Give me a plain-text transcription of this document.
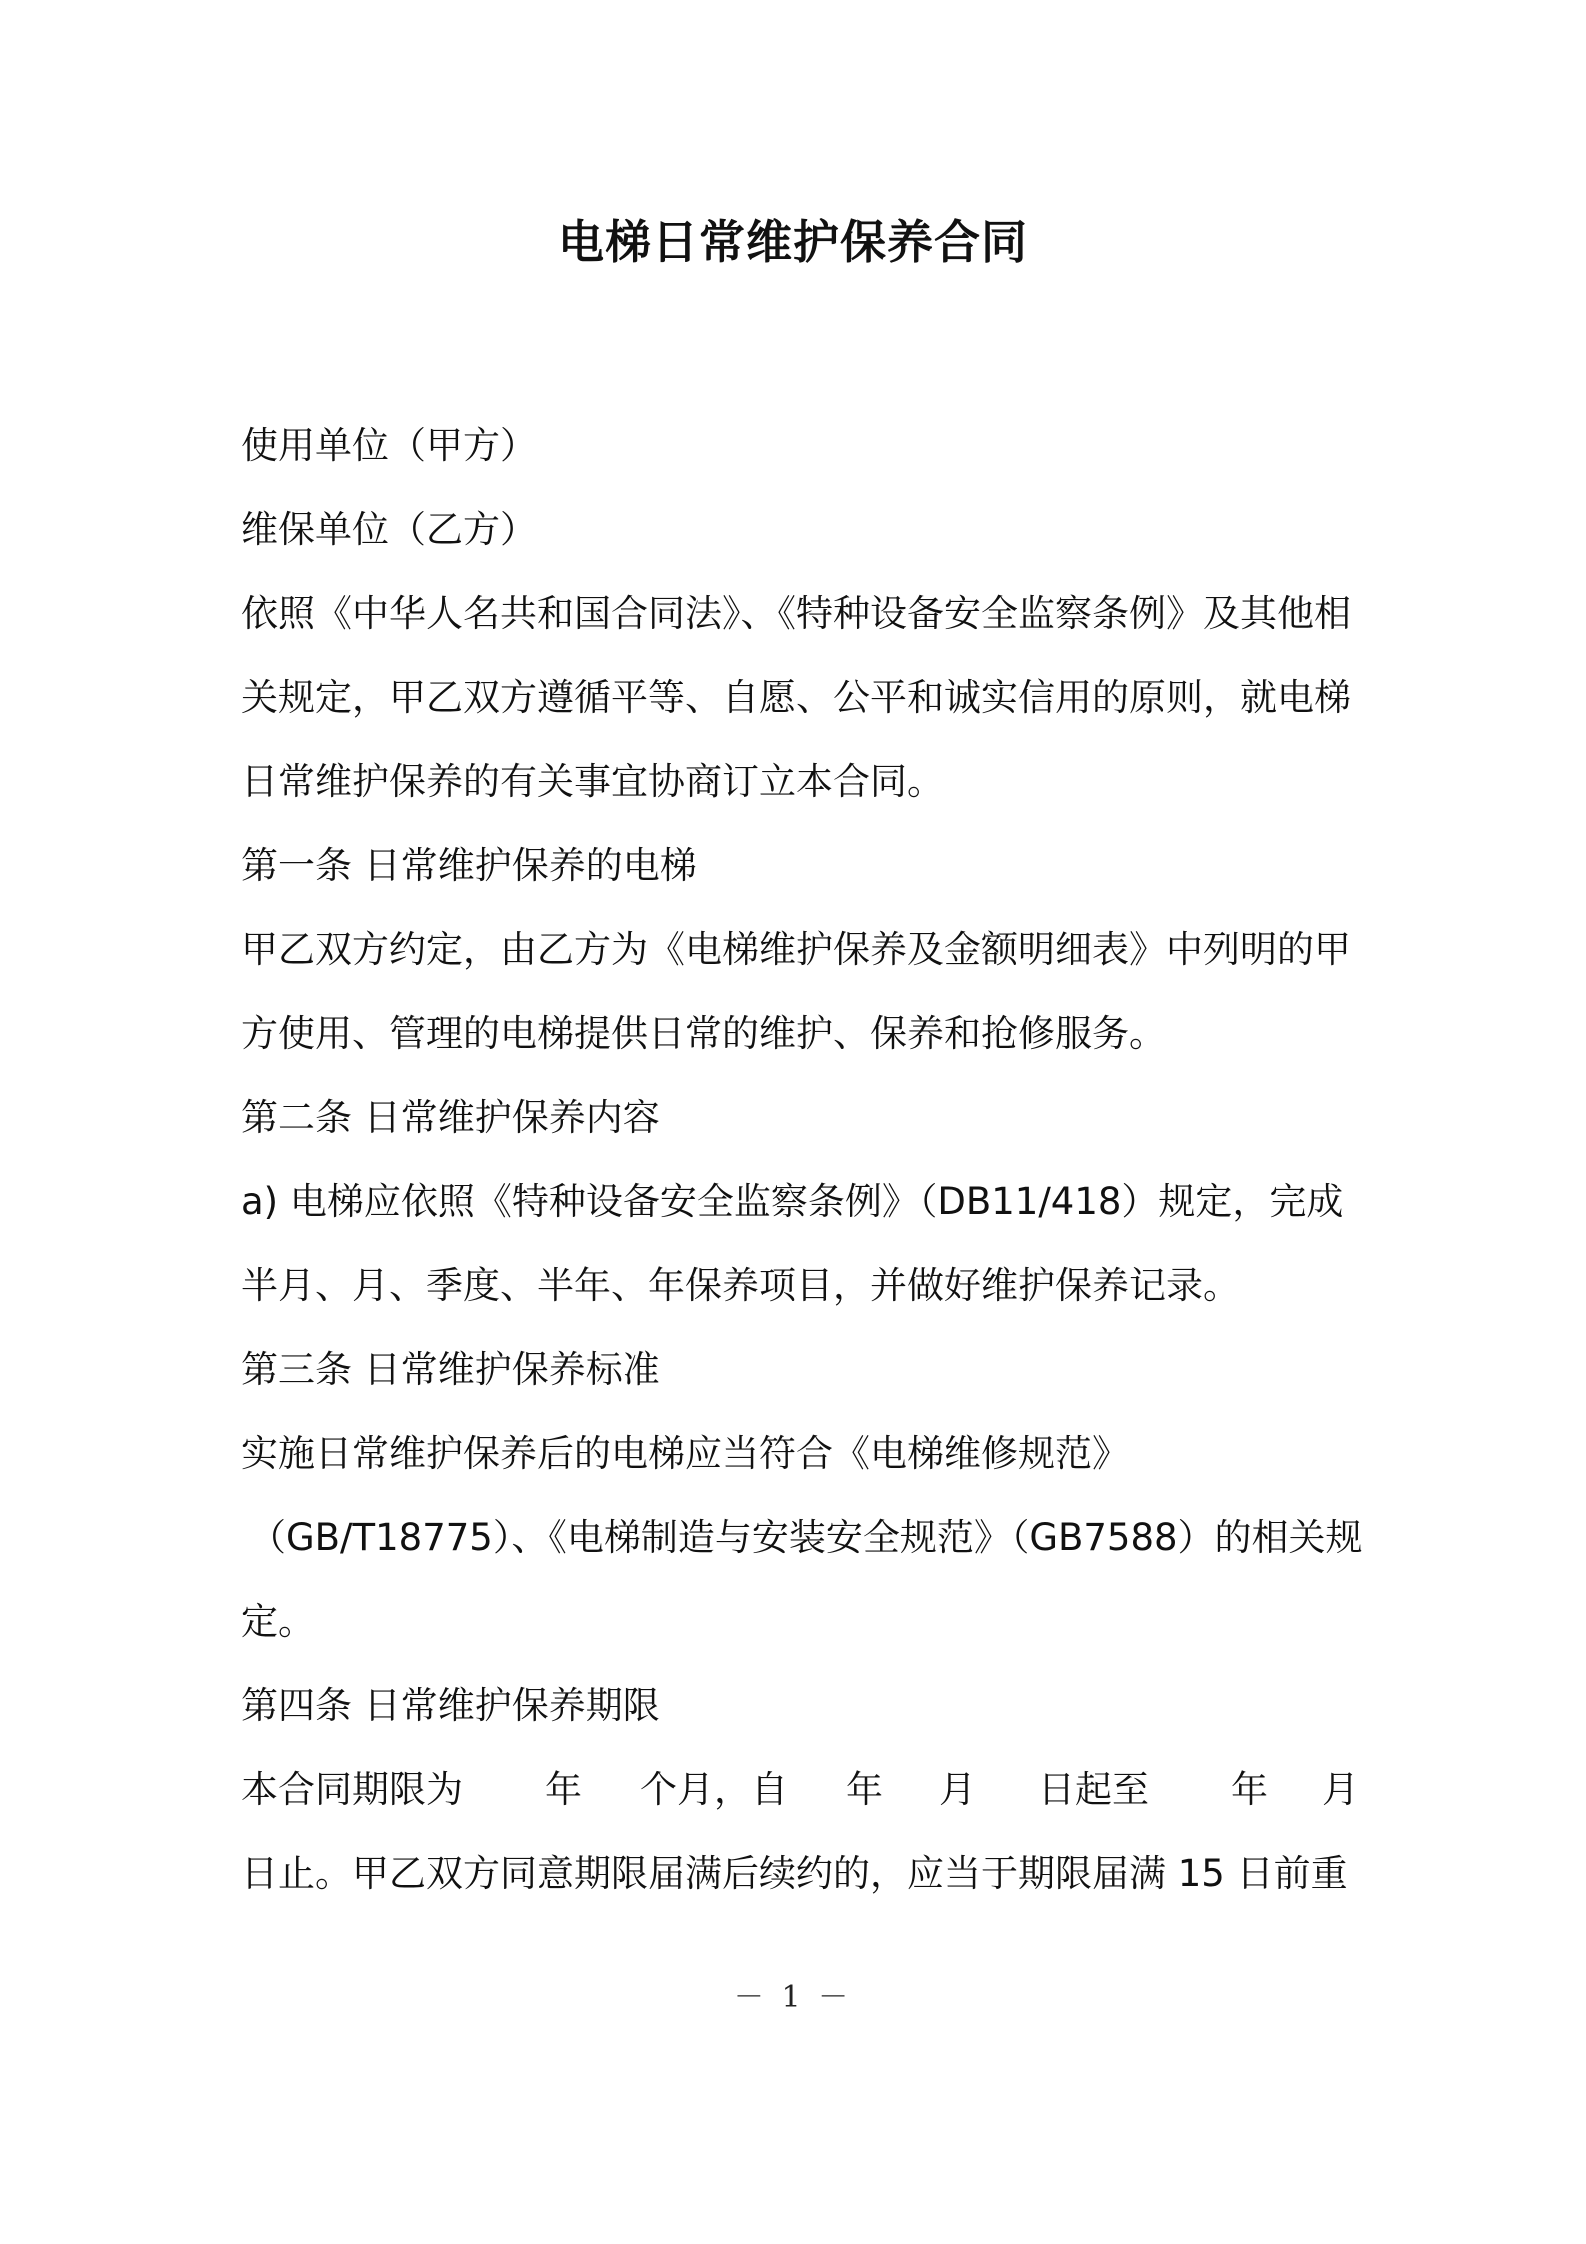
电梯日常维护保养合同
使用单位（甲方）
维保单位（乙方）
依照《中华人名共和国合同法》、《特种设备安全监察条例》及其他相
关规定，甲乙双方遵循平等、自愿、公平和诚实信用的原则，就电梯
日常维护保养的有关事宜协商订立本合同。
第一条 日常维护保养的电梯
甲乙双方约定，由乙方为《电梯维护保养及金额明细表》中列明的甲
方使用、管理的电梯提供日常的维护、保养和抢修服务。
第二条 日常维护保养内容
a) 电梯应依照《特种设备安全监察条例》（DB11/418）规定，完成
半月、月、季度、半年、年保养项目，并做好维护保养记录。
第三条 日常维护保养标准
实施日常维护保养后的电梯应当符合《电梯维修规范》
（GB/T18775）、《电梯制造与安装安全规范》（GB7588）的相关规
定。
第四条 日常维护保养期限
本合同期限为 年 个月，自 年 月 日起至 年 月
日止。甲乙双方同意期限届满后续约的，应当于期限届满 15 日前重
－ 1 －
